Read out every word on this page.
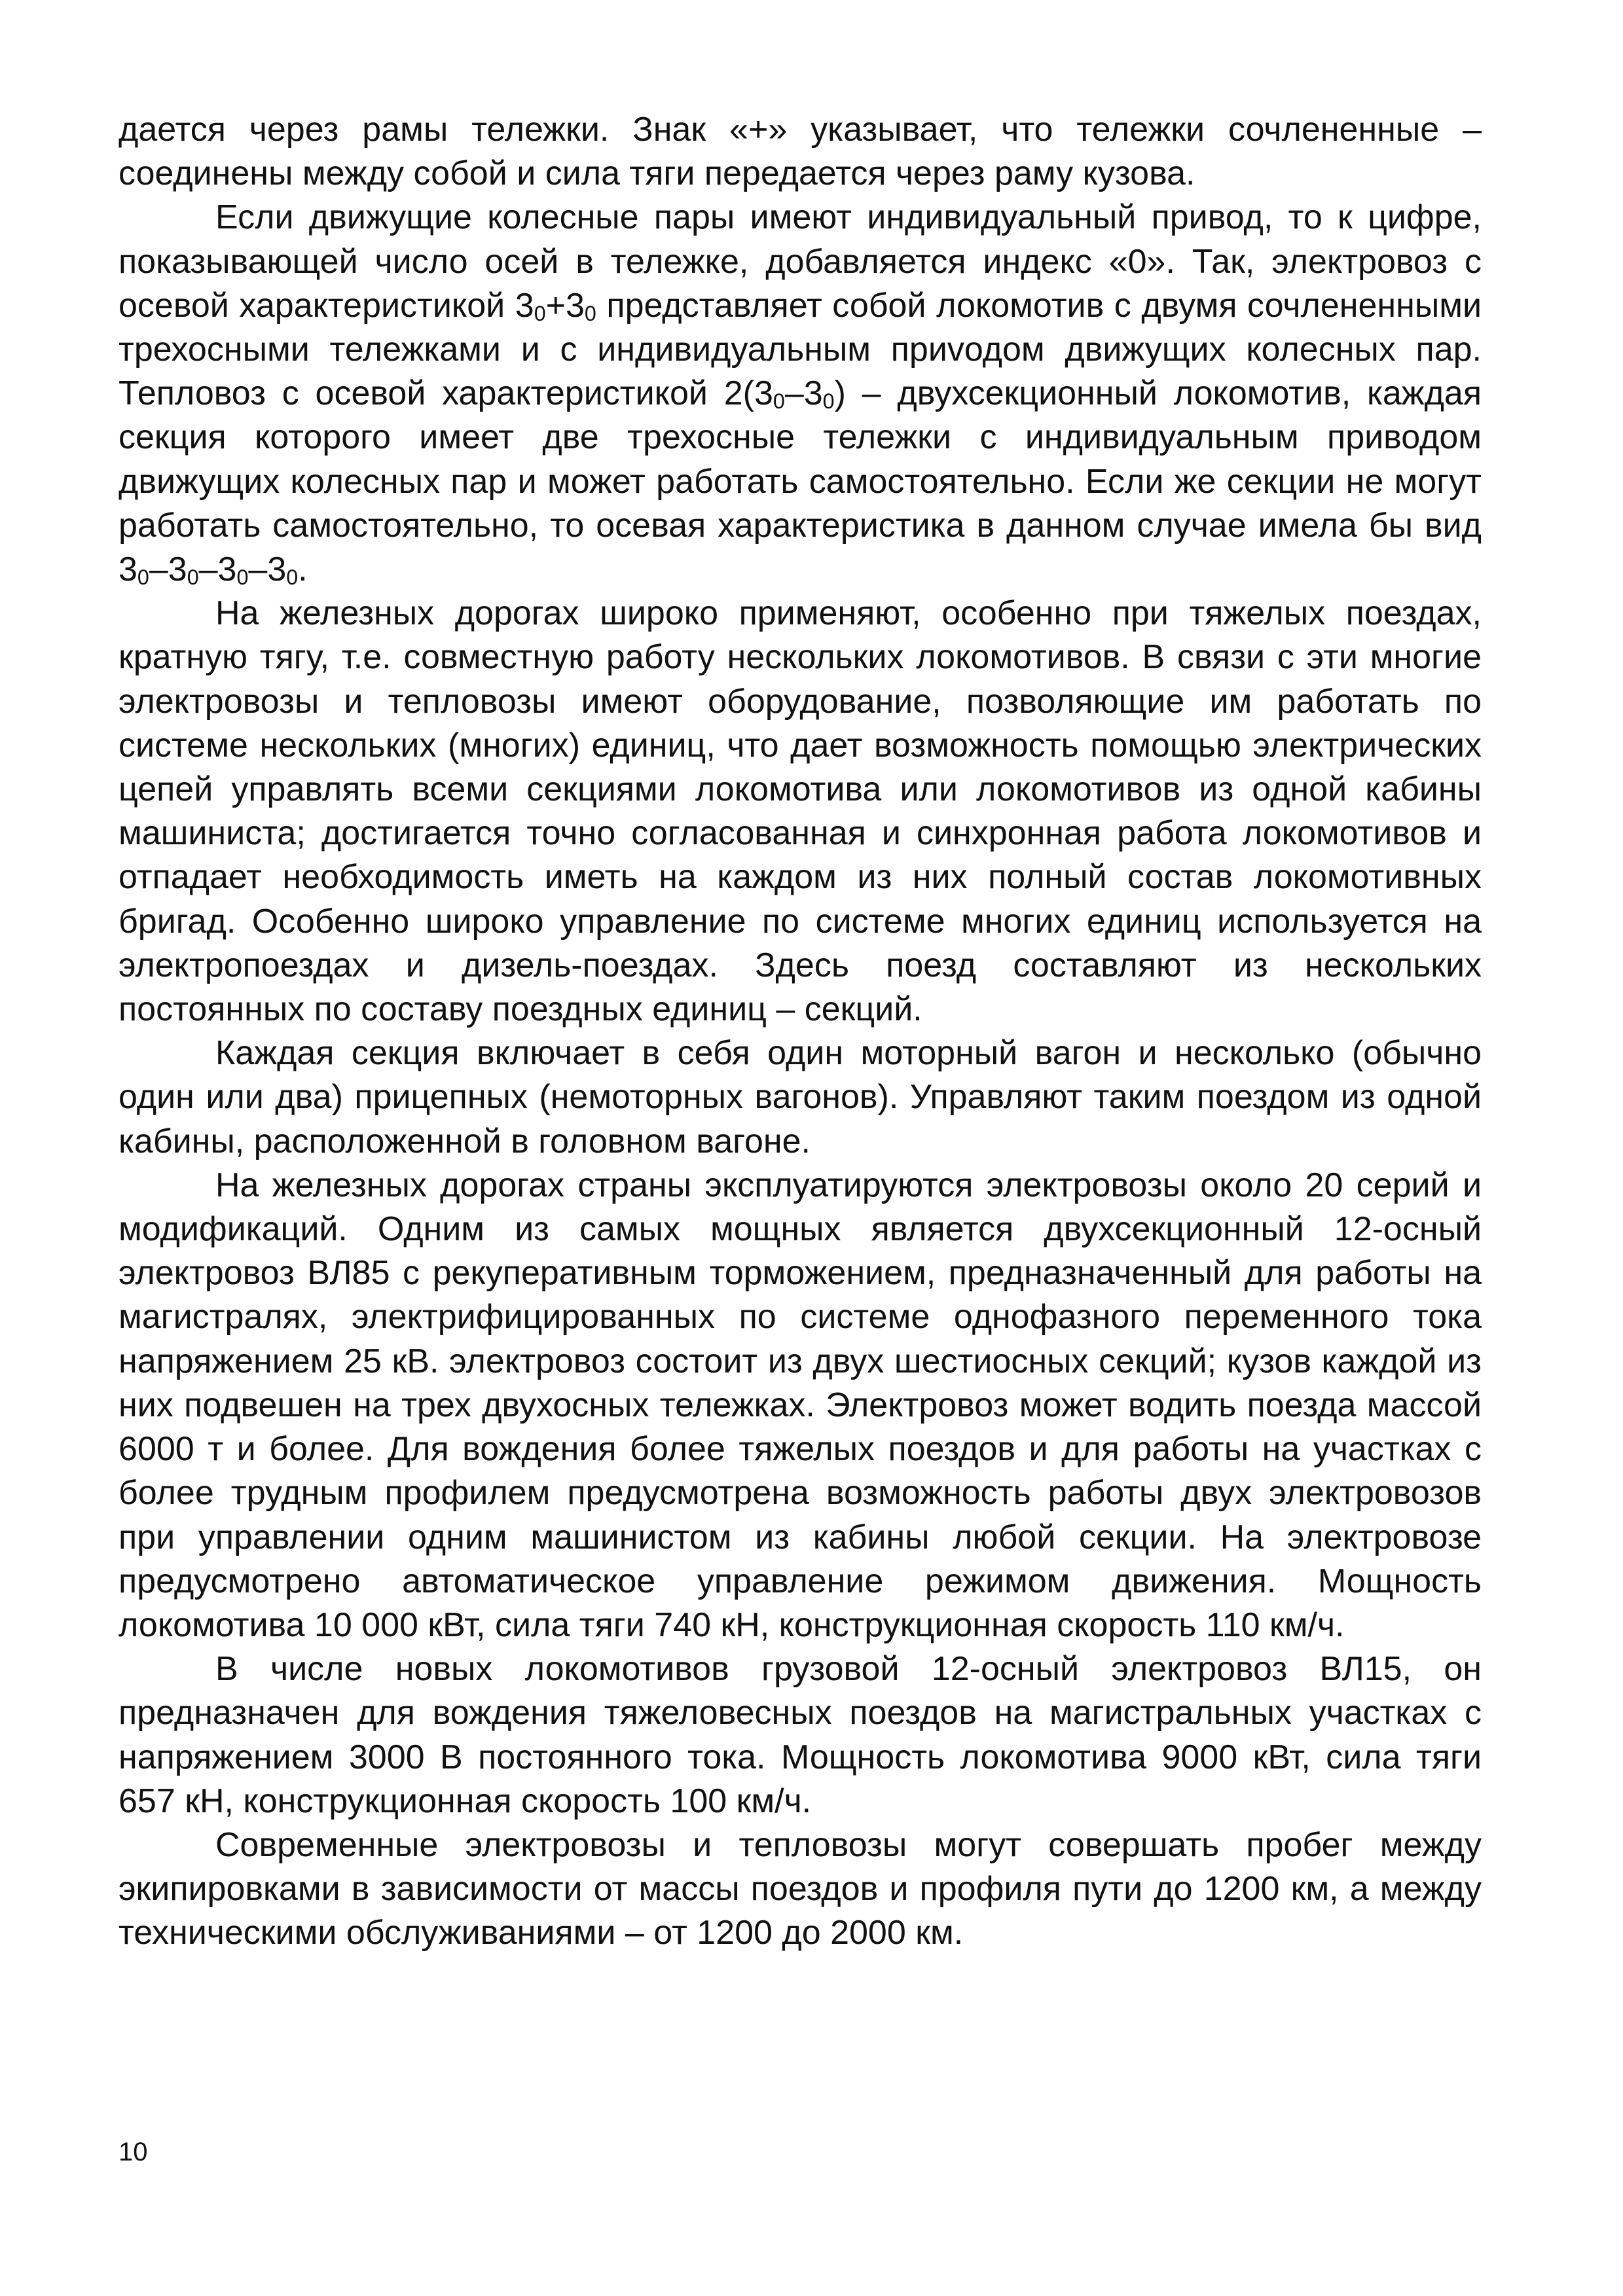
дается через рамы тележки. Знак «+» указывает, что тележки сочлененные – соединены между собой и сила тяги передается через раму кузова.

Если движущие колесные пары имеют индивидуальный привод, то к цифре, показывающей число осей в тележке, добавляется индекс «0». Так, электровоз с осевой характеристикой $3_0+3_0$ представляет собой локомотив с двумя сочлененными трехосными тележками и с индивидуальным приvодом движущих колесных пар. Тепловоз с осевой характеристикой $2(3_0-3_0)$ – двухсекционный локомотив, каждая секция которого имеет две трехосные тележки с индивидуальным приводом движущих колесных пар и может работать самостоятельно. Если же секции не могут работать самостоятельно, то осевая характеристика в данном случае имела бы вид $3_0-3_0-3_0-3_0$.

На железных дорогах широко применяют, особенно при тяжелых поездах, кратную тягу, т.е. совместную работу нескольких локомотивов. В связи с эти многие электровозы и тепловозы имеют оборудование, позволяющие им работать по системе нескольких (многих) единиц, что дает возможность помощью электрических цепей управлять всеми секциями локомотива или локомотивов из одной кабины машиниста; достигается точно согласованная и синхронная работа локомотивов и отпадает необходимость иметь на каждом из них полный состав локомотивных бригад. Особенно широко управление по системе многих единиц используется на электропоездах и дизель-поездах. Здесь поезд составляют из нескольких постоянных по составу поездных единиц – секций.

Каждая секция включает в себя один моторный вагон и несколько (обычно один или два) прицепных (немоторных вагонов). Управляют таким поездом из одной кабины, расположенной в головном вагоне.

На железных дорогах страны эксплуатируются электровозы около 20 серий и модификаций. Одним из самых мощных является двухсекционный 12-осный электровоз ВЛ85 с рекуперативным торможением, предназначенный для работы на магистралях, электрифицированных по системе однофазного переменного тока напряжением 25 кВ. электровоз состоит из двух шестиосных секций; кузов каждой из них подвешен на трех двухосных тележках. Электровоз может водить поезда массой 6000 т и более. Для вождения более тяжелых поездов и для работы на участках с более трудным профилем предусмотрена возможность работы двух электровозов при управлении одним машинистом из кабины любой секции. На электровозе предусмотрено автоматическое управление режимом движения. Мощность локомотива 10 000 кВт, сила тяги 740 кН, конструкционная скорость 110 км/ч.

В числе новых локомотивов грузовой 12-осный электровоз ВЛ15, он предназначен для вождения тяжеловесных поездов на магистральных участках с напряжением 3000 В постоянного тока. Мощность локомотива 9000 кВт, сила тяги 657 кН, конструкционная скорость 100 км/ч.

Современные электровозы и тепловозы могут совершать пробег между экипировками в зависимости от массы поездов и профиля пути до 1200 км, а между техническими обслуживаниями – от 1200 до 2000 км.

10
